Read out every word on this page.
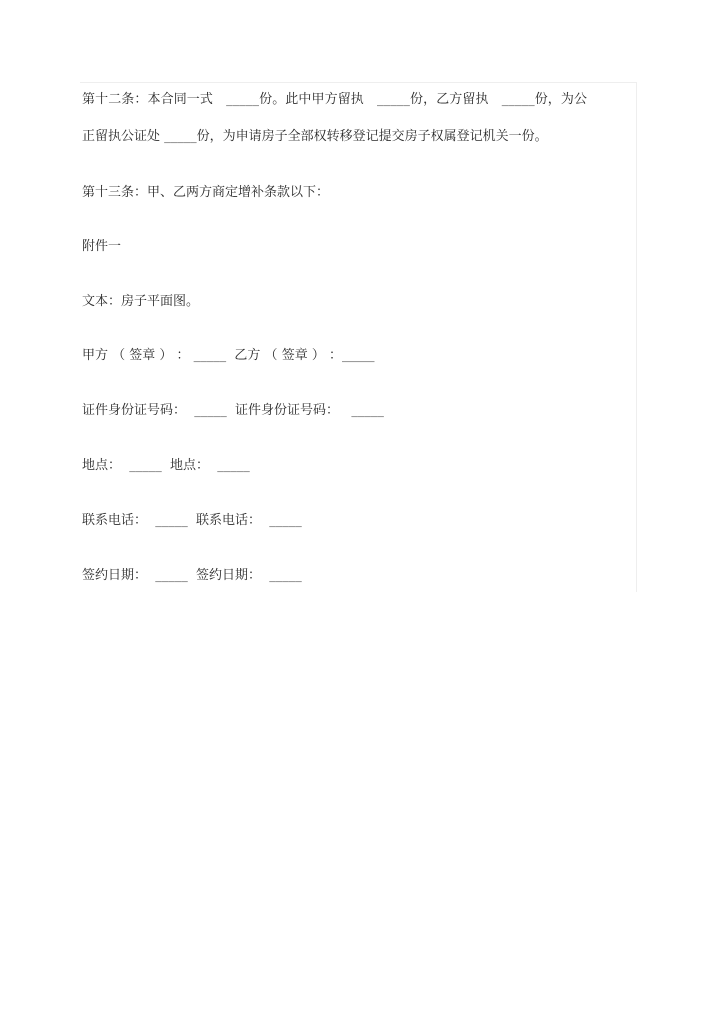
第十二条：本合同一式　_____份。此中甲方留执　_____份，乙方留执　_____份，为公
正留执公证处 _____份，为申请房子全部权转移登记提交房子权属登记机关一份。
第十三条：甲、乙两方商定增补条款以下：
附件一
文本：房子平面图。
甲方 （ 签章 ） ： _____  乙方 （ 签章 ） ：_____
证件身份证号码：  _____  证件身份证号码：   _____
地点：  _____  地点：  _____
联系电话：  _____  联系电话：  _____
签约日期：  _____  签约日期：  _____
